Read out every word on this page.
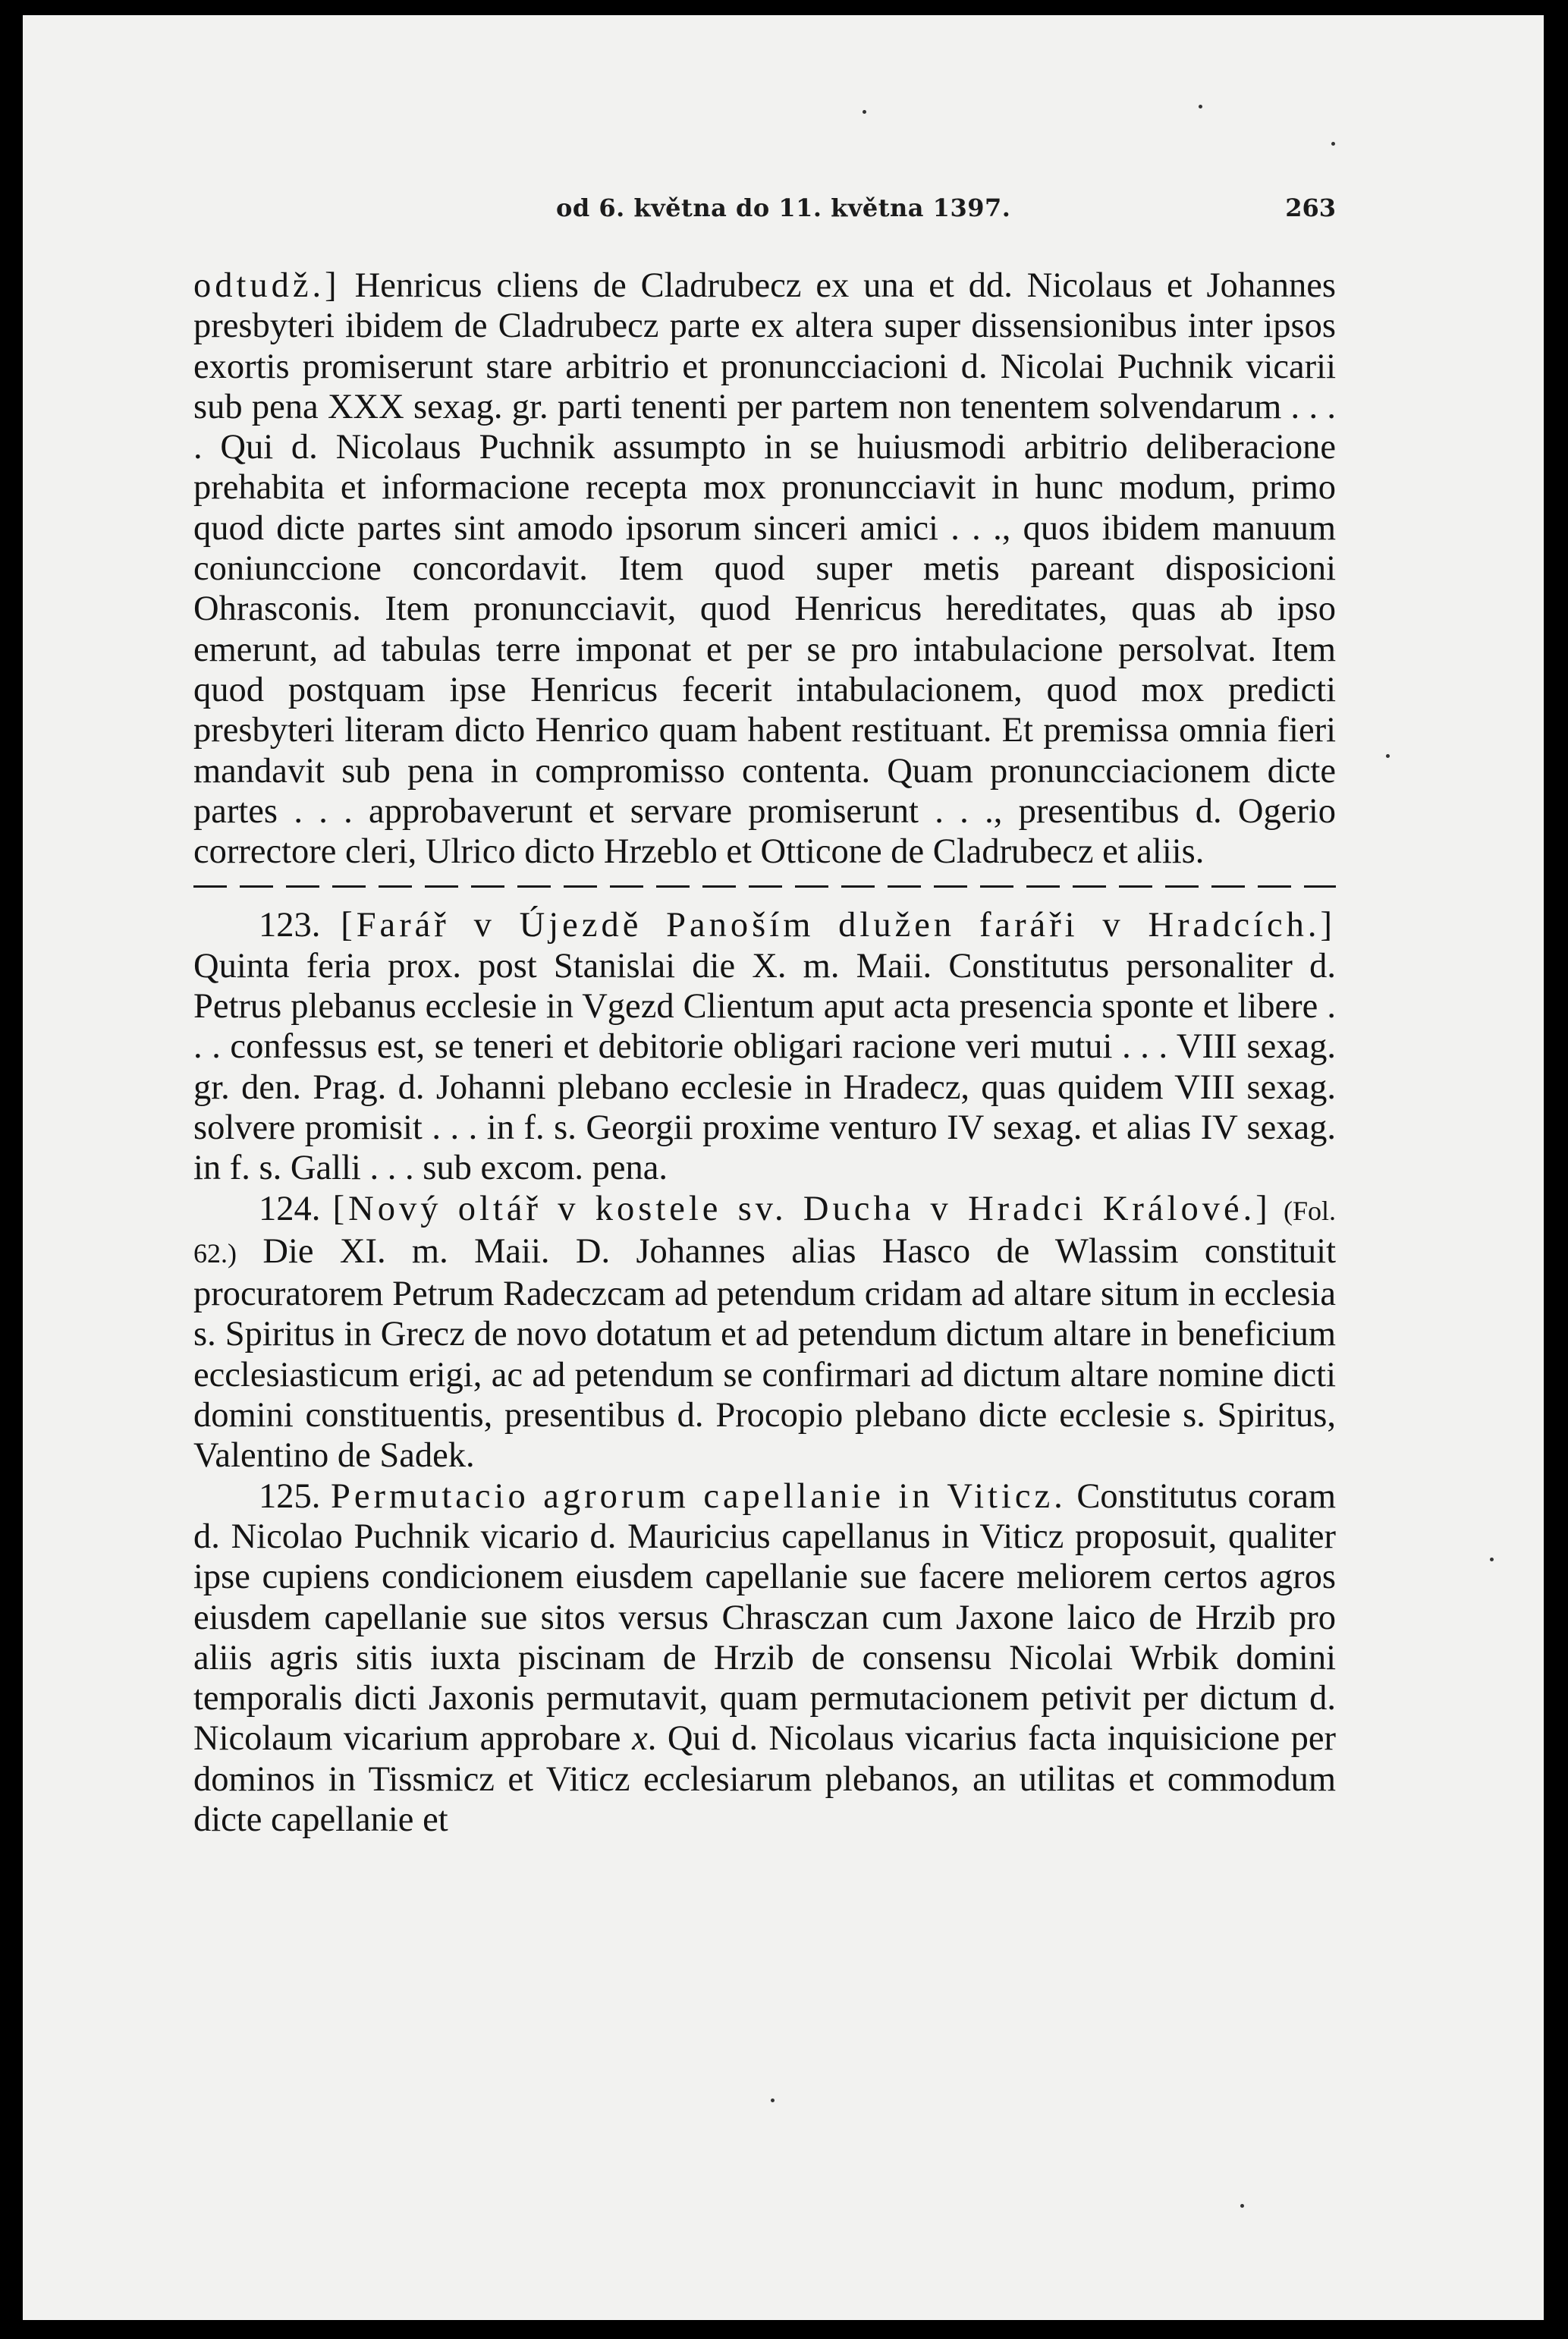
od 6. května do 11. května 1397.	263

odtudž.] Henricus cliens de Cladrubecz ex una et dd. Nicolaus et Johannes presbyteri ibidem de Cladrubecz parte ex altera super dissensionibus inter ipsos exortis promiserunt stare arbitrio et pronuncciacioni d. Nicolai Puchnik vicarii sub pena XXX sexag. gr. parti tenenti per partem non tenentem solvendarum . . . . Qui d. Nicolaus Puchnik assumpto in se huiusmodi arbitrio deliberacione prehabita et informacione recepta mox pronuncciavit in hunc modum, primo quod dicte partes sint amodo ipsorum sinceri amici . . ., quos ibidem manuum coniunccione concordavit. Item quod super metis pareant disposicioni Ohrasconis. Item pronuncciavit, quod Henricus hereditates, quas ab ipso emerunt, ad tabulas terre imponat et per se pro intabulacione persolvat. Item quod postquam ipse Henricus fecerit intabulacionem, quod mox predicti presbyteri literam dicto Henrico quam habent restituant. Et premissa omnia fieri mandavit sub pena in compromisso contenta. Quam pronuncciacionem dicte partes . . . approbaverunt et servare promiserunt . . ., presentibus d. Ogerio correctore cleri, Ulrico dicto Hrzeblo et Otticone de Cladrubecz et aliis.

123. [Farář v Újezdě Panoším dlužen faráři v Hradcích.] Quinta feria prox. post Stanislai die X. m. Maii. Constitutus personaliter d. Petrus plebanus ecclesie in Vgezd Clientum aput acta presencia sponte et libere . . . confessus est, se teneri et debitorie obligari racione veri mutui . . . VIII sexag. gr. den. Prag. d. Johanni plebano ecclesie in Hradecz, quas quidem VIII sexag. solvere promisit . . . in f. s. Georgii proxime venturo IV sexag. et alias IV sexag. in f. s. Galli . . . sub excom. pena.

124. [Nový oltář v kostele sv. Ducha v Hradci Králové.] (Fol. 62.) Die XI. m. Maii. D. Johannes alias Hasco de Wlassim constituit procuratorem Petrum Radeczcam ad petendum cridam ad altare situm in ecclesia s. Spiritus in Grecz de novo dotatum et ad petendum dictum altare in beneficium ecclesiasticum erigi, ac ad petendum se confirmari ad dictum altare nomine dicti domini constituentis, presentibus d. Procopio plebano dicte ecclesie s. Spiritus, Valentino de Sadek.

125. Permutacio agrorum capellanie in Viticz. Constitutus coram d. Nicolao Puchnik vicario d. Mauricius capellanus in Viticz proposuit, qualiter ipse cupiens condicionem eiusdem capellanie sue facere meliorem certos agros eiusdem capellanie sue sitos versus Chrasczan cum Jaxone laico de Hrzib pro aliis agris sitis iuxta piscinam de Hrzib de consensu Nicolai Wrbik domini temporalis dicti Jaxonis permutavit, quam permutacionem petivit per dictum d. Nicolaum vicarium approbare x. Qui d. Nicolaus vicarius facta inquisicione per dominos in Tissmicz et Viticz ecclesiarum plebanos, an utilitas et commodum dicte capellanie et
